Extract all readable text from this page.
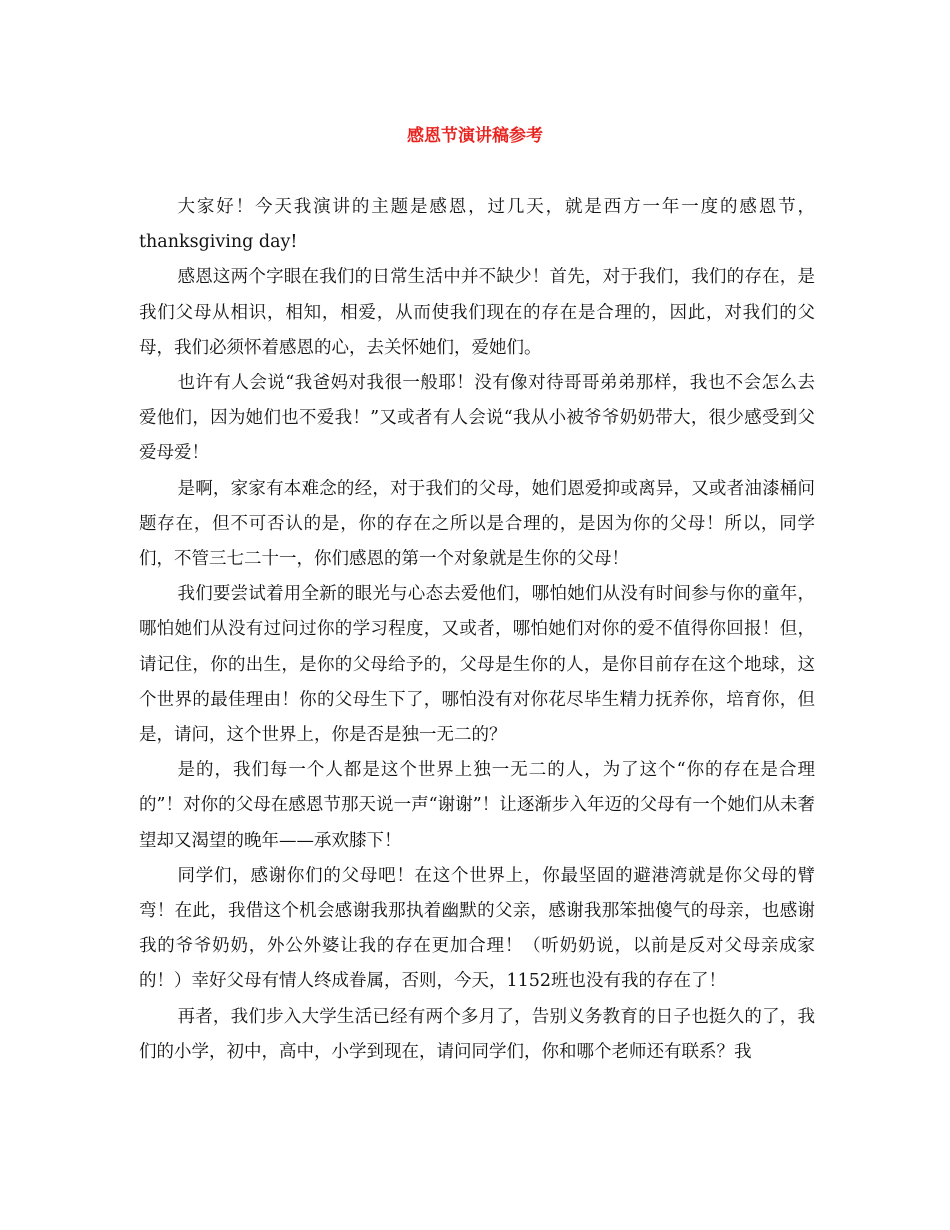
感恩节演讲稿参考

大家好！今天我演讲的主题是感恩，过几天，就是西方一年一度的感恩节，thanksgiving day!

感恩这两个字眼在我们的日常生活中并不缺少！首先，对于我们，我们的存在，是我们父母从相识，相知，相爱，从而使我们现在的存在是合理的，因此，对我们的父母，我们必须怀着感恩的心，去关怀她们，爱她们。

也许有人会说“我爸妈对我很一般耶！没有像对待哥哥弟弟那样，我也不会怎么去爱他们，因为她们也不爱我！”又或者有人会说“我从小被爷爷奶奶带大，很少感受到父爱母爱！

是啊，家家有本难念的经，对于我们的父母，她们恩爱抑或离异，又或者油漆桶问题存在，但不可否认的是，你的存在之所以是合理的，是因为你的父母！所以，同学们，不管三七二十一，你们感恩的第一个对象就是生你的父母！

我们要尝试着用全新的眼光与心态去爱他们，哪怕她们从没有时间参与你的童年，哪怕她们从没有过问过你的学习程度，又或者，哪怕她们对你的爱不值得你回报！但，请记住，你的出生，是你的父母给予的，父母是生你的人，是你目前存在这个地球，这个世界的最佳理由！你的父母生下了，哪怕没有对你花尽毕生精力抚养你，培育你，但是，请问，这个世界上，你是否是独一无二的？

是的，我们每一个人都是这个世界上独一无二的人，为了这个“你的存在是合理的”！对你的父母在感恩节那天说一声“谢谢”！让逐渐步入年迈的父母有一个她们从未奢望却又渴望的晚年——承欢膝下！

同学们，感谢你们的父母吧！在这个世界上，你最坚固的避港湾就是你父母的臂弯！在此，我借这个机会感谢我那执着幽默的父亲，感谢我那笨拙傻气的母亲，也感谢我的爷爷奶奶，外公外婆让我的存在更加合理！（听奶奶说，以前是反对父母亲成家的！）幸好父母有情人终成眷属，否则，今天，1152班也没有我的存在了！

再者，我们步入大学生活已经有两个多月了，告别义务教育的日子也挺久的了，我们的小学，初中，高中，小学到现在，请问同学们，你和哪个老师还有联系？我
